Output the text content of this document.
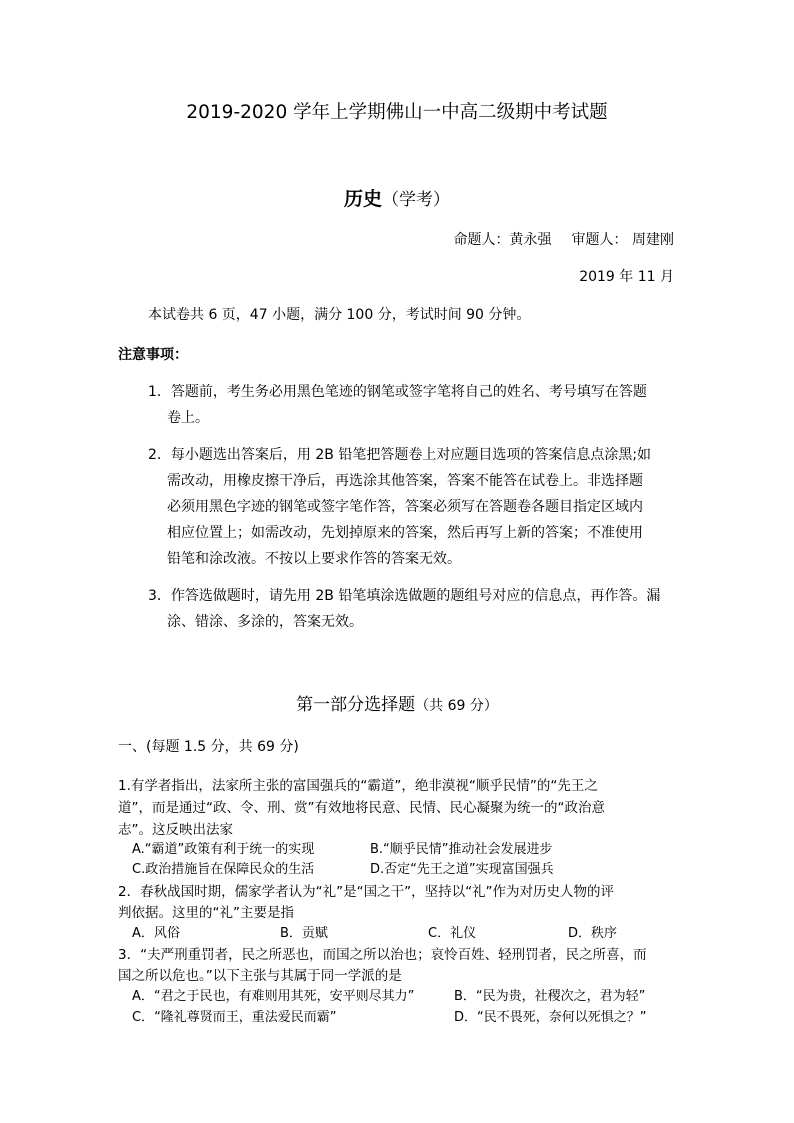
2019-2020 学年上学期佛山一中高二级期中考试题
历史（学考）
命题人：黄永强 审题人： 周建刚
2019 年 11 月
本试卷共 6 页，47 小题，满分 100 分，考试时间 90 分钟。
注意事项：
1．答题前，考生务必用黑色笔迹的钢笔或签字笔将自己的姓名、考号填写在答题
卷上。
2．每小题选出答案后，用 2B 铅笔把答题卷上对应题目选项的答案信息点涂黑;如
需改动，用橡皮擦干净后，再选涂其他答案，答案不能答在试卷上。非选择题
必须用黑色字迹的钢笔或签字笔作答，答案必须写在答题卷各题目指定区域内
相应位置上；如需改动，先划掉原来的答案，然后再写上新的答案；不准使用
铅笔和涂改液。不按以上要求作答的答案无效。
3．作答选做题时，请先用 2B 铅笔填涂选做题的题组号对应的信息点，再作答。漏
涂、错涂、多涂的，答案无效。
第一部分选择题（共 69 分）
一、(每题 1.5 分，共 69 分)
1.有学者指出，法家所主张的富国强兵的“霸道”，绝非漠视“顺乎民情”的“先王之
道”，而是通过“政、令、刑、赏”有效地将民意、民情、民心凝聚为统一的“政治意
志”。这反映出法家
A.“霸道”政策有利于统一的实现	B.“顺乎民情”推动社会发展进步
C.政治措施旨在保障民众的生活	D.否定“先王之道”实现富国强兵
2．春秋战国时期，儒家学者认为“礼”是“国之干”，坚持以“礼”作为对历史人物的评
判依据。这里的“礼”主要是指
A．风俗	B．贡赋	C．礼仪	D．秩序
3．“夫严刑重罚者，民之所恶也，而国之所以治也；哀怜百姓、轻刑罚者，民之所喜，而
国之所以危也。”以下主张与其属于同一学派的是
A．“君之于民也，有难则用其死，安平则尽其力”	B．“民为贵，社稷次之，君为轻”
C．“隆礼尊贤而王，重法爱民而霸”	D．“民不畏死，奈何以死惧之？”
